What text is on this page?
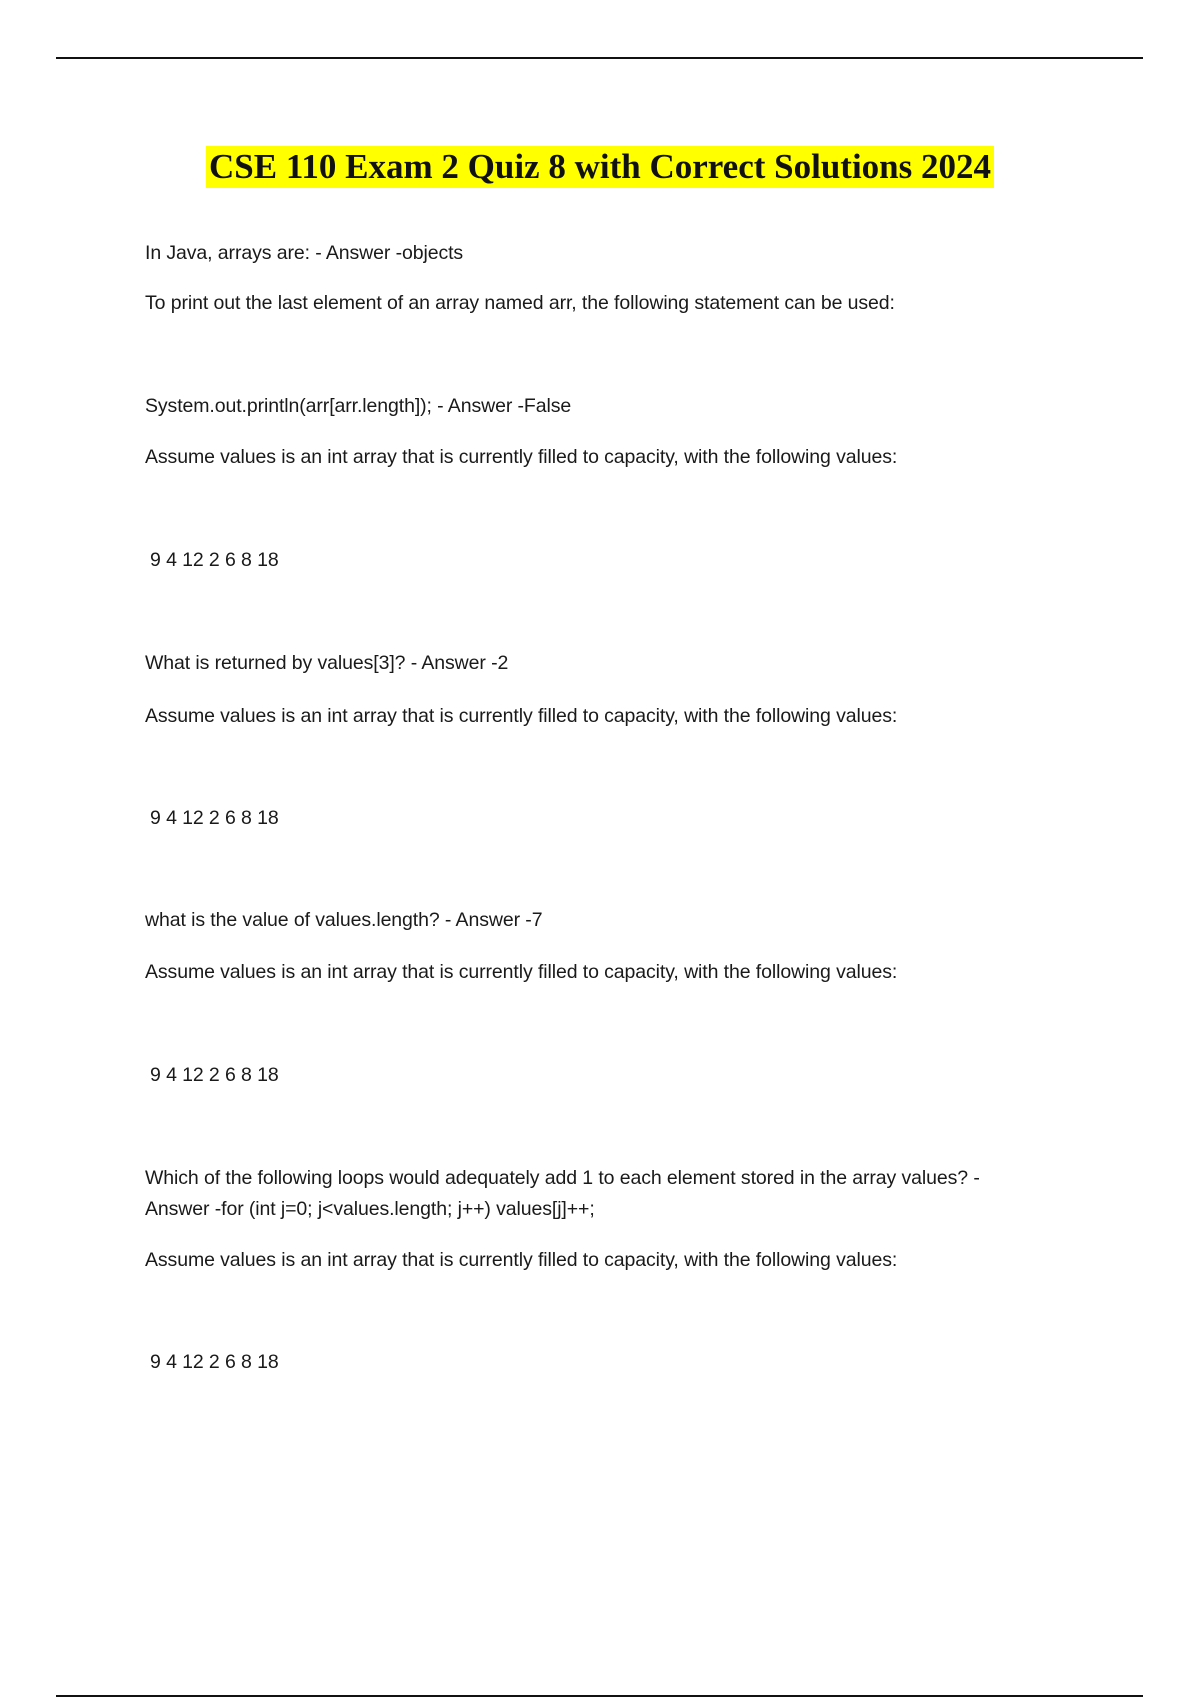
CSE 110 Exam 2 Quiz 8 with Correct Solutions 2024
In Java, arrays are: - Answer -objects
To print out the last element of an array named arr, the following statement can be used:
System.out.println(arr[arr.length]); - Answer -False
Assume values is an int array that is currently filled to capacity, with the following values:
9 4 12 2 6 8 18
What is returned by values[3]? - Answer -2
Assume values is an int array that is currently filled to capacity, with the following values:
9 4 12 2 6 8 18
what is the value of values.length? - Answer -7
Assume values is an int array that is currently filled to capacity, with the following values:
9 4 12 2 6 8 18
Which of the following loops would adequately add 1 to each element stored in the array values? - Answer -for (int j=0; j<values.length; j++) values[j]++;
Assume values is an int array that is currently filled to capacity, with the following values:
9 4 12 2 6 8 18
